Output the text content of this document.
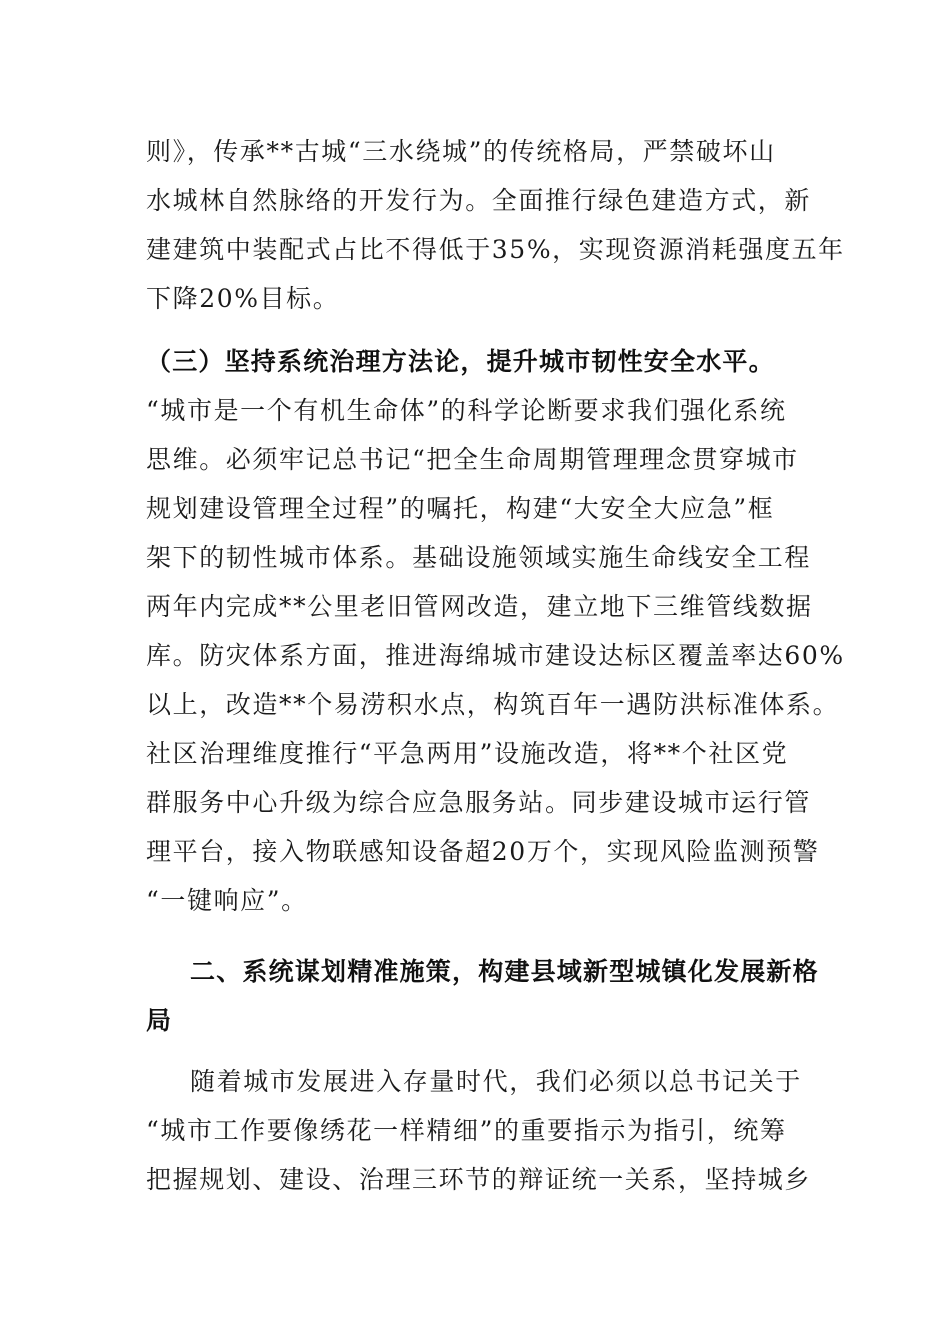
则》，传承**古城“三水绕城”的传统格局，严禁破坏山
水城林自然脉络的开发行为。全面推行绿色建造方式，新
建建筑中装配式占比不得低于35%，实现资源消耗强度五年
下降20%目标。
（三）坚持系统治理方法论，提升城市韧性安全水平。
“城市是一个有机生命体”的科学论断要求我们强化系统
思维。必须牢记总书记“把全生命周期管理理念贯穿城市
规划建设管理全过程”的嘱托，构建“大安全大应急”框
架下的韧性城市体系。基础设施领域实施生命线安全工程
两年内完成**公里老旧管网改造，建立地下三维管线数据
库。防灾体系方面，推进海绵城市建设达标区覆盖率达60%
以上，改造**个易涝积水点，构筑百年一遇防洪标准体系。
社区治理维度推行“平急两用”设施改造，将**个社区党
群服务中心升级为综合应急服务站。同步建设城市运行管
理平台，接入物联感知设备超20万个，实现风险监测预警
“一键响应”。
二、系统谋划精准施策，构建县域新型城镇化发展新格
局
随着城市发展进入存量时代，我们必须以总书记关于
“城市工作要像绣花一样精细”的重要指示为指引，统筹
把握规划、建设、治理三环节的辩证统一关系，坚持城乡
